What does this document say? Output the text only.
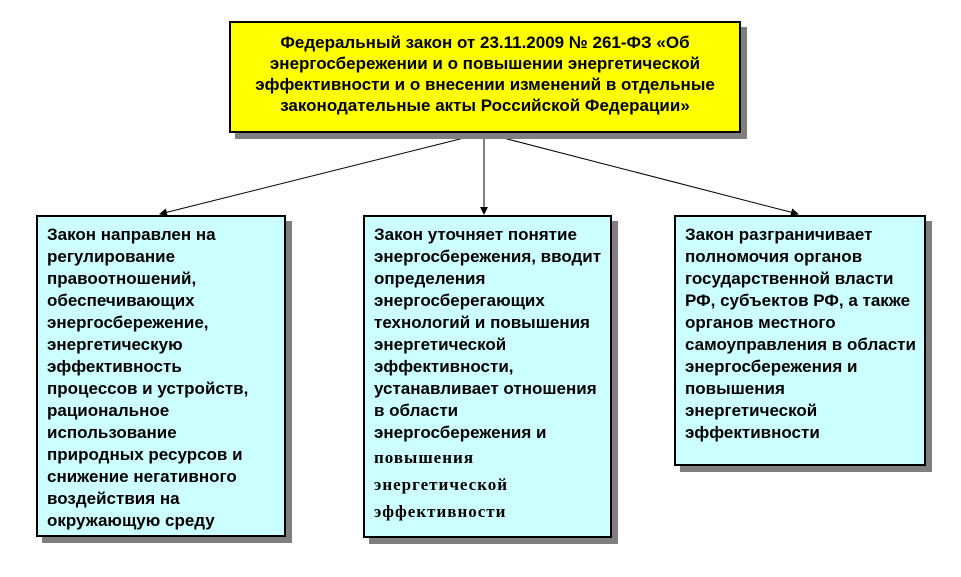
Федеральный закон от 23.11.2009 № 261-ФЗ «Об энергосбережении и о повышении энергетической эффективности и о внесении изменений в отдельные законодательные акты Российской Федерации»
Закон направлен на регулирование правоотношений, обеспечивающих энергосбережение, энергетическую эффективность процессов и устройств, рациональное использование природных ресурсов и снижение негативного воздействия на окружающую среду
Закон уточняет понятие энергосбережения, вводит определения энергосберегающих технологий и повышения энергетической эффективности, устанавливает отношения в области энергосбережения и
повышения энергетической эффективности
Закон разграничивает полномочия органов государственной власти РФ, субъектов РФ, а также органов местного самоуправления в области энергосбережения и повышения энергетической эффективности
